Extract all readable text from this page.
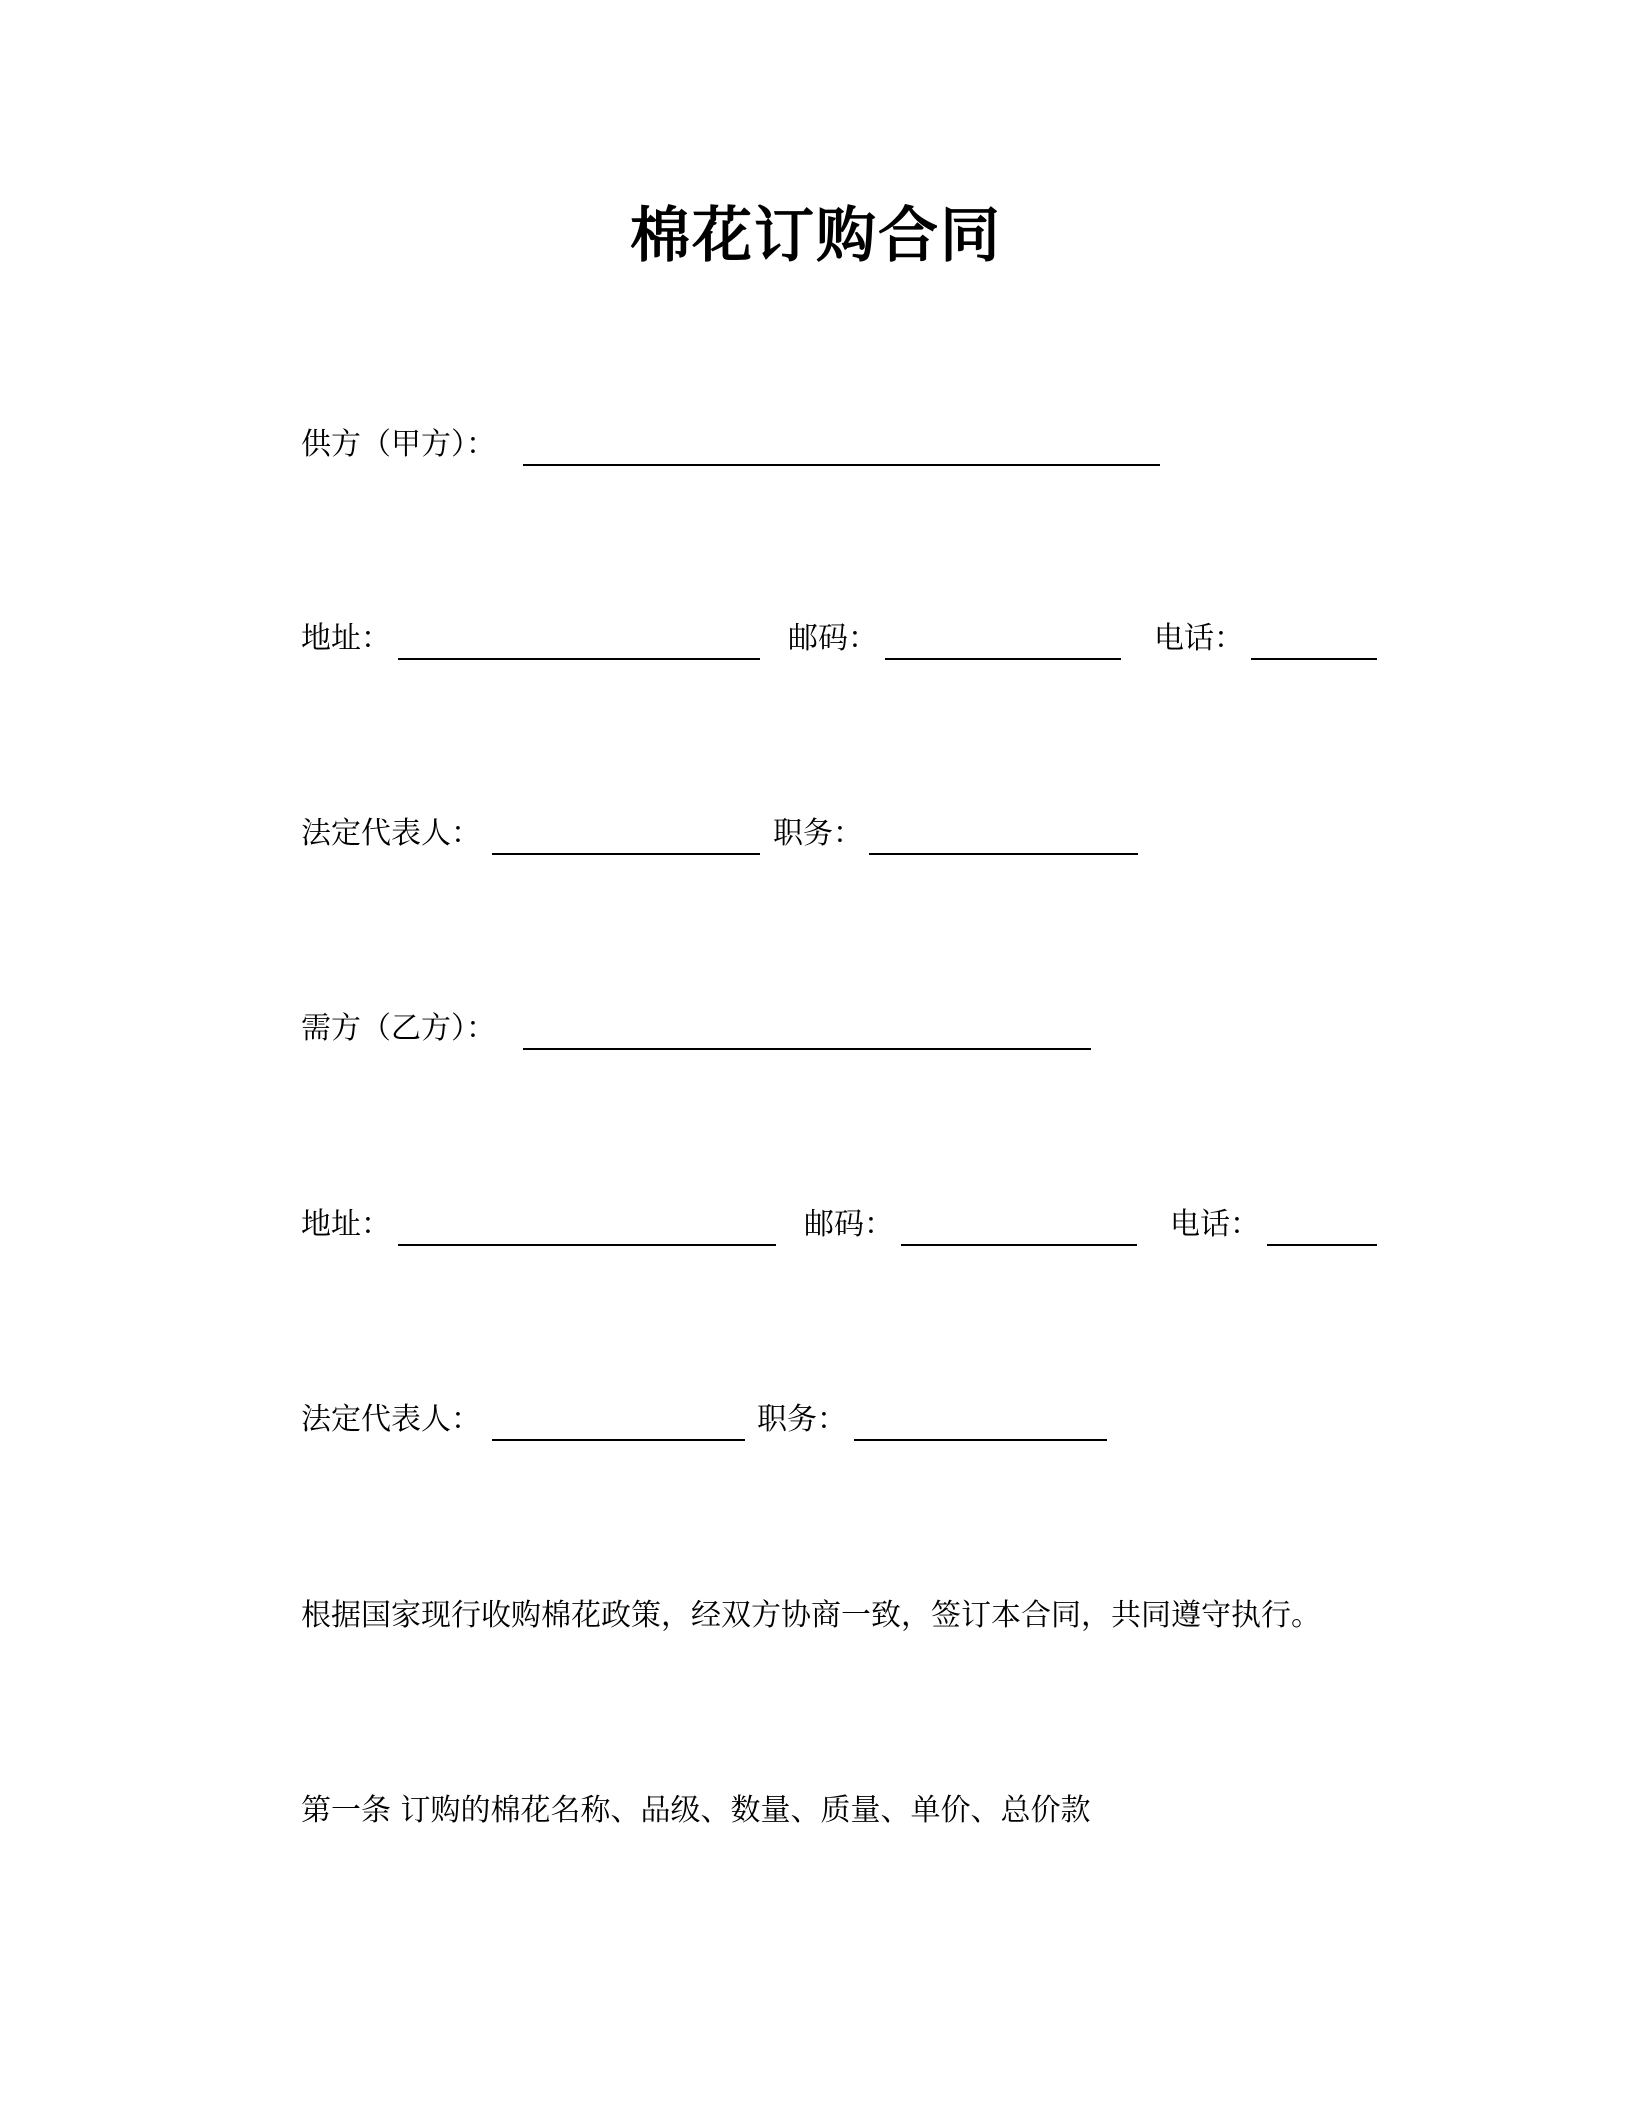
棉花订购合同
供方（甲方）：
地址：	邮码：	电话：
法定代表人：	职务：
需方（乙方）：
地址：	邮码：	电话：
法定代表人：	职务：

根据国家现行收购棉花政策，经双方协商一致，签订本合同，共同遵守执行。

第一条 订购的棉花名称、品级、数量、质量、单价、总价款
